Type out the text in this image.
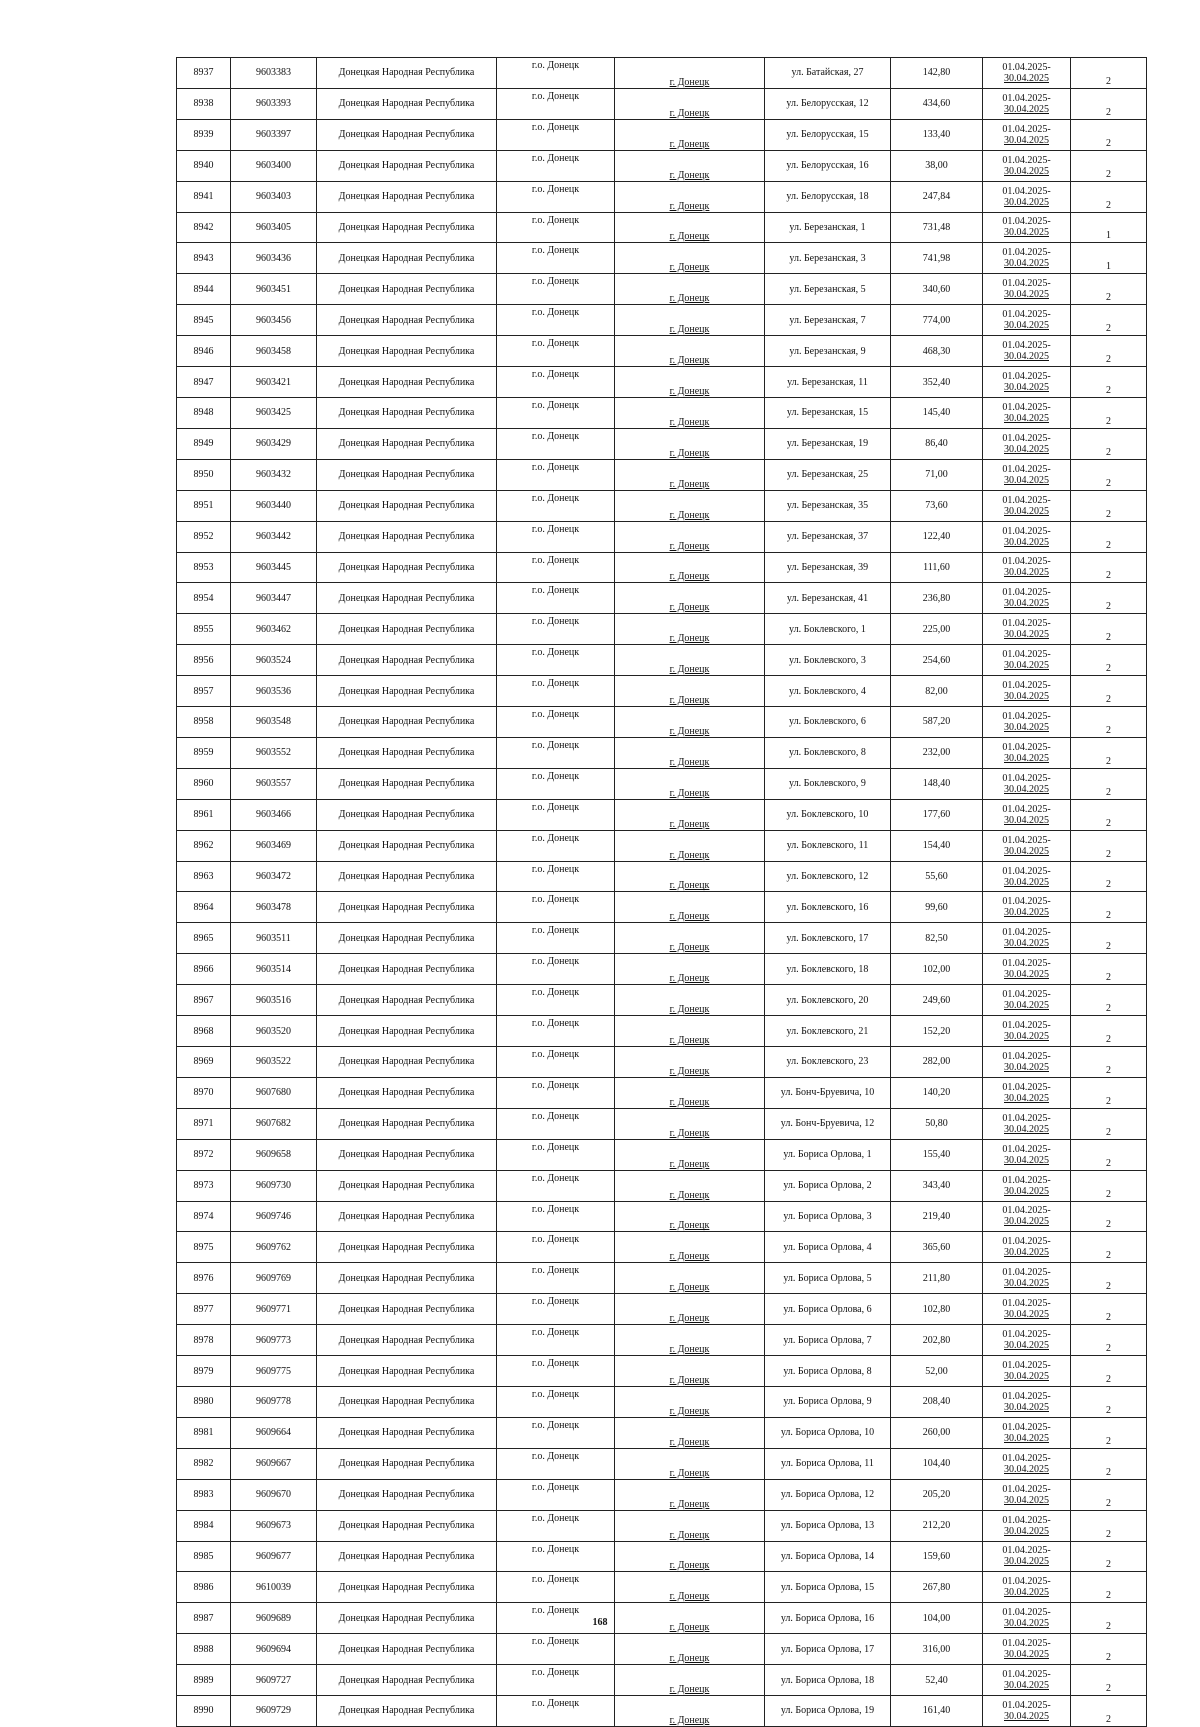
8937	9603383	Донецкая Народная Республика	г.о. Донецк	г. Донецк	ул. Батайская, 27	142,80	01.04.2025-
30.04.2025	2
8938	9603393	Донецкая Народная Республика	г.о. Донецк	г. Донецк	ул. Белорусская, 12	434,60	01.04.2025-
30.04.2025	2
8939	9603397	Донецкая Народная Республика	г.о. Донецк	г. Донецк	ул. Белорусская, 15	133,40	01.04.2025-
30.04.2025	2
8940	9603400	Донецкая Народная Республика	г.о. Донецк	г. Донецк	ул. Белорусская, 16	38,00	01.04.2025-
30.04.2025	2
8941	9603403	Донецкая Народная Республика	г.о. Донецк	г. Донецк	ул. Белорусская, 18	247,84	01.04.2025-
30.04.2025	2
8942	9603405	Донецкая Народная Республика	г.о. Донецк	г. Донецк	ул. Березанская, 1	731,48	01.04.2025-
30.04.2025	1
8943	9603436	Донецкая Народная Республика	г.о. Донецк	г. Донецк	ул. Березанская, 3	741,98	01.04.2025-
30.04.2025	1
8944	9603451	Донецкая Народная Республика	г.о. Донецк	г. Донецк	ул. Березанская, 5	340,60	01.04.2025-
30.04.2025	2
8945	9603456	Донецкая Народная Республика	г.о. Донецк	г. Донецк	ул. Березанская, 7	774,00	01.04.2025-
30.04.2025	2
8946	9603458	Донецкая Народная Республика	г.о. Донецк	г. Донецк	ул. Березанская, 9	468,30	01.04.2025-
30.04.2025	2
8947	9603421	Донецкая Народная Республика	г.о. Донецк	г. Донецк	ул. Березанская, 11	352,40	01.04.2025-
30.04.2025	2
8948	9603425	Донецкая Народная Республика	г.о. Донецк	г. Донецк	ул. Березанская, 15	145,40	01.04.2025-
30.04.2025	2
8949	9603429	Донецкая Народная Республика	г.о. Донецк	г. Донецк	ул. Березанская, 19	86,40	01.04.2025-
30.04.2025	2
8950	9603432	Донецкая Народная Республика	г.о. Донецк	г. Донецк	ул. Березанская, 25	71,00	01.04.2025-
30.04.2025	2
8951	9603440	Донецкая Народная Республика	г.о. Донецк	г. Донецк	ул. Березанская, 35	73,60	01.04.2025-
30.04.2025	2
8952	9603442	Донецкая Народная Республика	г.о. Донецк	г. Донецк	ул. Березанская, 37	122,40	01.04.2025-
30.04.2025	2
8953	9603445	Донецкая Народная Республика	г.о. Донецк	г. Донецк	ул. Березанская, 39	111,60	01.04.2025-
30.04.2025	2
8954	9603447	Донецкая Народная Республика	г.о. Донецк	г. Донецк	ул. Березанская, 41	236,80	01.04.2025-
30.04.2025	2
8955	9603462	Донецкая Народная Республика	г.о. Донецк	г. Донецк	ул. Боклевского, 1	225,00	01.04.2025-
30.04.2025	2
8956	9603524	Донецкая Народная Республика	г.о. Донецк	г. Донецк	ул. Боклевского, 3	254,60	01.04.2025-
30.04.2025	2
8957	9603536	Донецкая Народная Республика	г.о. Донецк	г. Донецк	ул. Боклевского, 4	82,00	01.04.2025-
30.04.2025	2
8958	9603548	Донецкая Народная Республика	г.о. Донецк	г. Донецк	ул. Боклевского, 6	587,20	01.04.2025-
30.04.2025	2
8959	9603552	Донецкая Народная Республика	г.о. Донецк	г. Донецк	ул. Боклевского, 8	232,00	01.04.2025-
30.04.2025	2
8960	9603557	Донецкая Народная Республика	г.о. Донецк	г. Донецк	ул. Боклевского, 9	148,40	01.04.2025-
30.04.2025	2
8961	9603466	Донецкая Народная Республика	г.о. Донецк	г. Донецк	ул. Боклевского, 10	177,60	01.04.2025-
30.04.2025	2
8962	9603469	Донецкая Народная Республика	г.о. Донецк	г. Донецк	ул. Боклевского, 11	154,40	01.04.2025-
30.04.2025	2
8963	9603472	Донецкая Народная Республика	г.о. Донецк	г. Донецк	ул. Боклевского, 12	55,60	01.04.2025-
30.04.2025	2
8964	9603478	Донецкая Народная Республика	г.о. Донецк	г. Донецк	ул. Боклевского, 16	99,60	01.04.2025-
30.04.2025	2
8965	9603511	Донецкая Народная Республика	г.о. Донецк	г. Донецк	ул. Боклевского, 17	82,50	01.04.2025-
30.04.2025	2
8966	9603514	Донецкая Народная Республика	г.о. Донецк	г. Донецк	ул. Боклевского, 18	102,00	01.04.2025-
30.04.2025	2
8967	9603516	Донецкая Народная Республика	г.о. Донецк	г. Донецк	ул. Боклевского, 20	249,60	01.04.2025-
30.04.2025	2
8968	9603520	Донецкая Народная Республика	г.о. Донецк	г. Донецк	ул. Боклевского, 21	152,20	01.04.2025-
30.04.2025	2
8969	9603522	Донецкая Народная Республика	г.о. Донецк	г. Донецк	ул. Боклевского, 23	282,00	01.04.2025-
30.04.2025	2
8970	9607680	Донецкая Народная Республика	г.о. Донецк	г. Донецк	ул. Бонч-Бруевича, 10	140,20	01.04.2025-
30.04.2025	2
8971	9607682	Донецкая Народная Республика	г.о. Донецк	г. Донецк	ул. Бонч-Бруевича, 12	50,80	01.04.2025-
30.04.2025	2
8972	9609658	Донецкая Народная Республика	г.о. Донецк	г. Донецк	ул. Бориса Орлова, 1	155,40	01.04.2025-
30.04.2025	2
8973	9609730	Донецкая Народная Республика	г.о. Донецк	г. Донецк	ул. Бориса Орлова, 2	343,40	01.04.2025-
30.04.2025	2
8974	9609746	Донецкая Народная Республика	г.о. Донецк	г. Донецк	ул. Бориса Орлова, 3	219,40	01.04.2025-
30.04.2025	2
8975	9609762	Донецкая Народная Республика	г.о. Донецк	г. Донецк	ул. Бориса Орлова, 4	365,60	01.04.2025-
30.04.2025	2
8976	9609769	Донецкая Народная Республика	г.о. Донецк	г. Донецк	ул. Бориса Орлова, 5	211,80	01.04.2025-
30.04.2025	2
8977	9609771	Донецкая Народная Республика	г.о. Донецк	г. Донецк	ул. Бориса Орлова, 6	102,80	01.04.2025-
30.04.2025	2
8978	9609773	Донецкая Народная Республика	г.о. Донецк	г. Донецк	ул. Бориса Орлова, 7	202,80	01.04.2025-
30.04.2025	2
8979	9609775	Донецкая Народная Республика	г.о. Донецк	г. Донецк	ул. Бориса Орлова, 8	52,00	01.04.2025-
30.04.2025	2
8980	9609778	Донецкая Народная Республика	г.о. Донецк	г. Донецк	ул. Бориса Орлова, 9	208,40	01.04.2025-
30.04.2025	2
8981	9609664	Донецкая Народная Республика	г.о. Донецк	г. Донецк	ул. Бориса Орлова, 10	260,00	01.04.2025-
30.04.2025	2
8982	9609667	Донецкая Народная Республика	г.о. Донецк	г. Донецк	ул. Бориса Орлова, 11	104,40	01.04.2025-
30.04.2025	2
8983	9609670	Донецкая Народная Республика	г.о. Донецк	г. Донецк	ул. Бориса Орлова, 12	205,20	01.04.2025-
30.04.2025	2
8984	9609673	Донецкая Народная Республика	г.о. Донецк	г. Донецк	ул. Бориса Орлова, 13	212,20	01.04.2025-
30.04.2025	2
8985	9609677	Донецкая Народная Республика	г.о. Донецк	г. Донецк	ул. Бориса Орлова, 14	159,60	01.04.2025-
30.04.2025	2
8986	9610039	Донецкая Народная Республика	г.о. Донецк	г. Донецк	ул. Бориса Орлова, 15	267,80	01.04.2025-
30.04.2025	2
8987	9609689	Донецкая Народная Республика	г.о. Донецк	г. Донецк	ул. Бориса Орлова, 16	104,00	01.04.2025-
30.04.2025	2
8988	9609694	Донецкая Народная Республика	г.о. Донецк	г. Донецк	ул. Бориса Орлова, 17	316,00	01.04.2025-
30.04.2025	2
8989	9609727	Донецкая Народная Республика	г.о. Донецк	г. Донецк	ул. Бориса Орлова, 18	52,40	01.04.2025-
30.04.2025	2
8990	9609729	Донецкая Народная Республика	г.о. Донецк	г. Донецк	ул. Бориса Орлова, 19	161,40	01.04.2025-
30.04.2025	2
168
